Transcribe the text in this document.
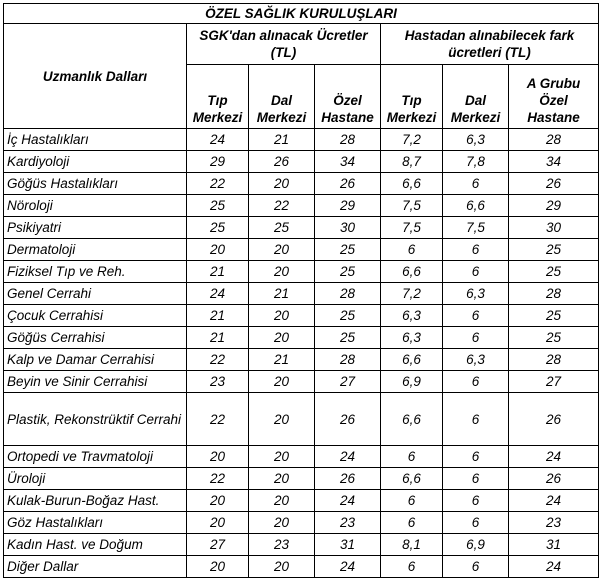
ÖZEL SAĞLIK KURULUŞLARI						
Uzmanlık Dalları	SGK'dan alınacak Ücretler (TL)			Hastadan alınabilecek fark ücretleri (TL)		
	Tıp Merkezi	Dal Merkezi	Özel Hastane	Tıp Merkezi	Dal Merkezi	A Grubu Özel Hastane
İç Hastalıkları	24	21	28	7,2	6,3	28
Kardiyoloji	29	26	34	8,7	7,8	34
Göğüs Hastalıkları	22	20	26	6,6	6	26
Nöroloji	25	22	29	7,5	6,6	29
Psikiyatri	25	25	30	7,5	7,5	30
Dermatoloji	20	20	25	6	6	25
Fiziksel Tıp ve Reh.	21	20	25	6,6	6	25
Genel Cerrahi	24	21	28	7,2	6,3	28
Çocuk Cerrahisi	21	20	25	6,3	6	25
Göğüs Cerrahisi	21	20	25	6,3	6	25
Kalp ve Damar Cerrahisi	22	21	28	6,6	6,3	28
Beyin ve Sinir Cerrahisi	23	20	27	6,9	6	27
Plastik, Rekonstrüktif Cerrahi	22	20	26	6,6	6	26
Ortopedi ve Travmatoloji	20	20	24	6	6	24
Üroloji	22	20	26	6,6	6	26
Kulak-Burun-Boğaz Hast.	20	20	24	6	6	24
Göz Hastalıkları	20	20	23	6	6	23
Kadın Hast. ve Doğum	27	23	31	8,1	6,9	31
Diğer Dallar	20	20	24	6	6	24
